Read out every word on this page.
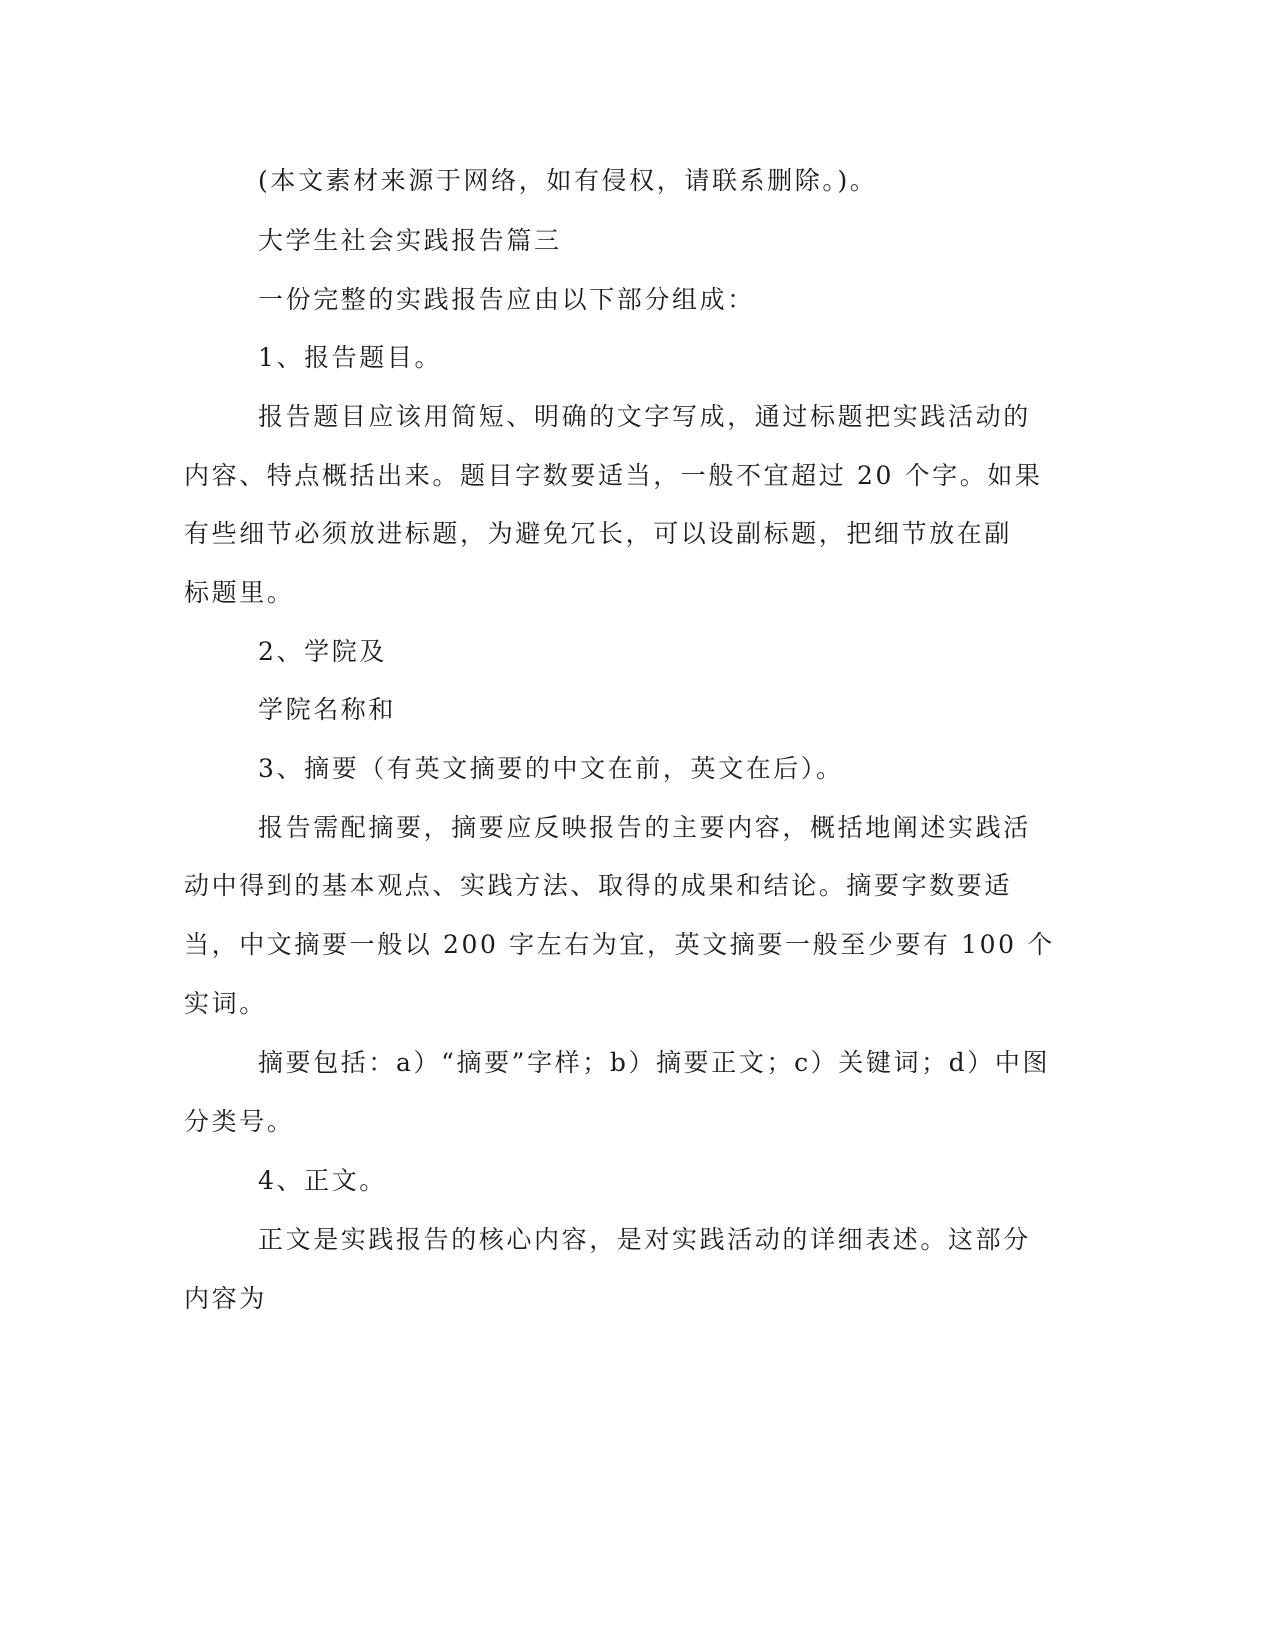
(本文素材来源于网络，如有侵权，请联系删除。)。
大学生社会实践报告篇三
一份完整的实践报告应由以下部分组成：
1、报告题目。
报告题目应该用简短、明确的文字写成，通过标题把实践活动的
内容、特点概括出来。题目字数要适当，一般不宜超过 20 个字。如果
有些细节必须放进标题，为避免冗长，可以设副标题，把细节放在副
标题里。
2、学院及
学院名称和
3、摘要（有英文摘要的中文在前，英文在后）。
报告需配摘要，摘要应反映报告的主要内容，概括地阐述实践活
动中得到的基本观点、实践方法、取得的成果和结论。摘要字数要适
当，中文摘要一般以 200 字左右为宜，英文摘要一般至少要有 100 个
实词。
摘要包括：a）“摘要”字样；b）摘要正文；c）关键词；d）中图
分类号。
4、正文。
正文是实践报告的核心内容，是对实践活动的详细表述。这部分
内容为
